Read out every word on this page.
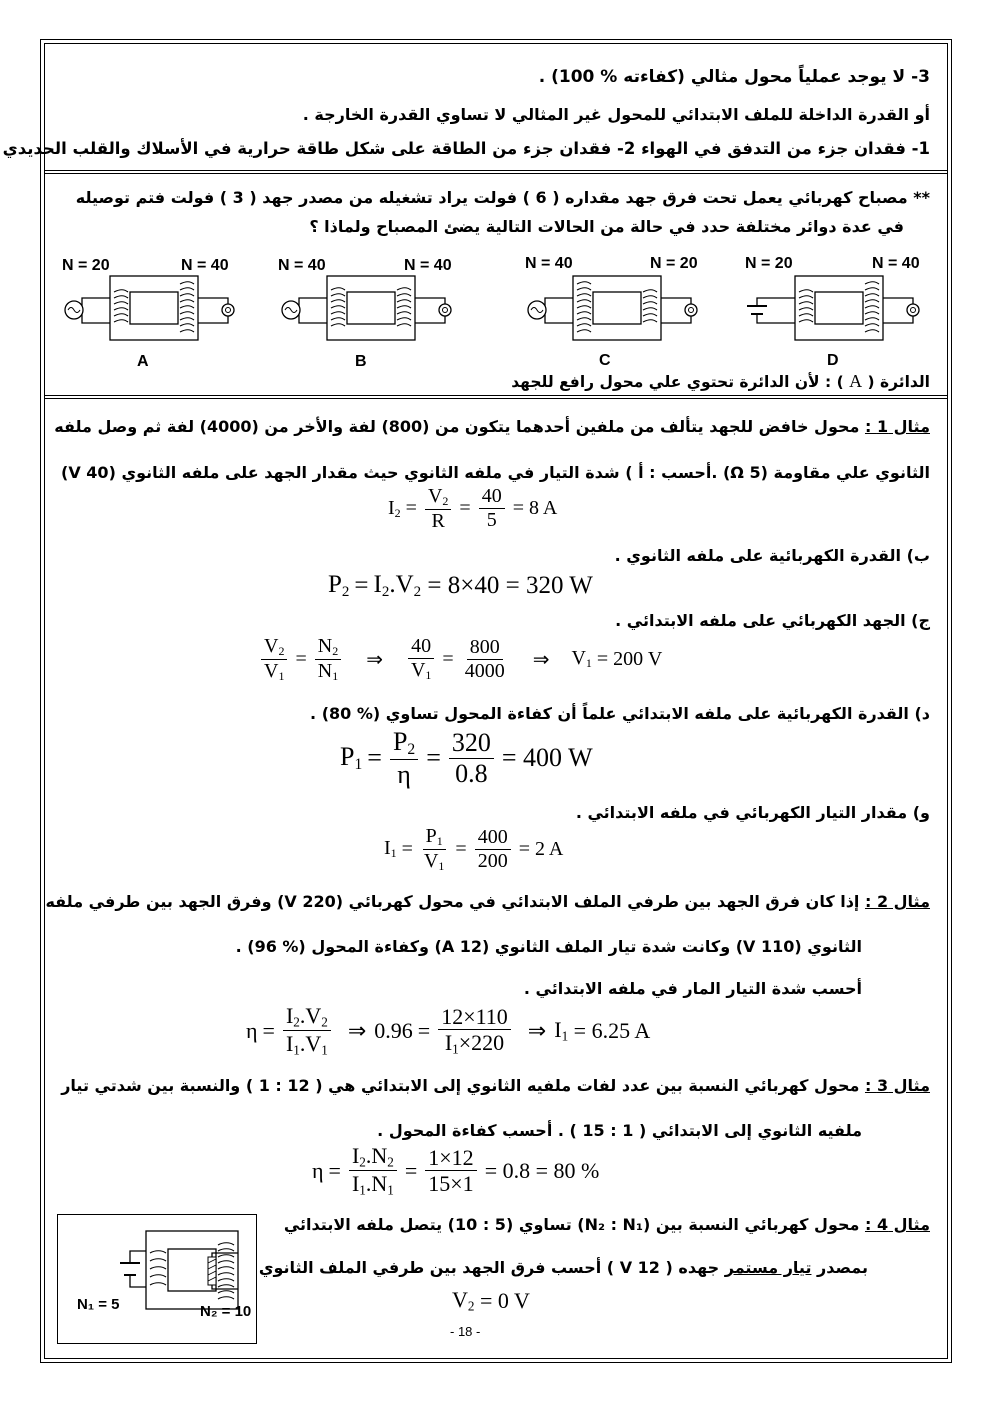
3- لا يوجد عملياً محول مثالي (كفاءته % 100) .
أو القدرة الداخلة للملف الابتدائي للمحول غير المثالي لا تساوي القدرة الخارجة .
1- فقدان جزء من التدفق في الهواء 2- فقدان جزء من الطاقة على شكل طاقة حرارية في الأسلاك والقلب الحديدي
** مصباح كهربائي يعمل تحت فرق جهد مقداره ( 6 ) فولت يراد تشغيله من مصدر جهد ( 3 ) فولت فتم توصيله
في عدة دوائر مختلفة حدد في حالة من الحالات التالية يضئ المصباح ولماذا ؟
N = 20	N = 40
A
N = 40	N = 40
B
N = 40	N = 20
C
N = 20	N = 40
D
الدائرة ( A ) : لأن الدائرة تحتوي علي محول رافع للجهد
مثال 1 : محول خافض للجهد يتألف من ملفين أحدهما يتكون من (800) لفة والأخر من (4000) لفة ثم وصل ملفه
الثانوي علي مقاومة (Ω 5) .أحسب : أ ) شدة التيار في ملفه الثانوي حيث مقدار الجهد على ملفه الثانوي (V 40)
$I_2 = \frac{V_2}{R} = \frac{40}{5} = 8$ A
ب) القدرة الكهربائية على ملفه الثانوي .
$P_2 = I_2.V_2$
= 8×40 = 320 W
ج) الجهد الكهربائي على ملفه الابتدائي .
$\frac{V_2}{V_1} = \frac{N_2}{N_1}$ ⇒ $\frac{40}{V_1} = \frac{800}{4000}$ ⇒ $V_1$
= 200 V
د) القدرة الكهربائية على ملفه الابتدائي علماً أن كفاءة المحول تساوي (% 80) .
$P_1 = \frac{P_2}{\eta} = \frac{320}{0.8} = 400$ W
و) مقدار التيار الكهربائي في ملفه الابتدائي .
$I_1 = \frac{P_1}{V_1} = \frac{400}{200} = 2$ A
مثال 2 : إذا كان فرق الجهد بين طرفي الملف الابتدائي في محول كهربائي (V 220) وفرق الجهد بين طرفي ملفه
الثانوي (V 110) وكانت شدة تيار الملف الثانوي (A 12) وكفاءة المحول (% 96) .
أحسب شدة التيار المار في ملفه الابتدائي .
$\eta = \frac{I_2.V_2}{I_1.V_1}$ ⇒ $0.96 = \frac{12\times 110}{I_1\times 220}$ ⇒ $I_1$
= 6.25 A
مثال 3 : محول كهربائي النسبة بين عدد لفات ملفيه الثانوي إلى الابتدائي هي ( 12 : 1 ) والنسبة بين شدتي تيار
ملفيه الثانوي إلى الابتدائي ( 1 : 15 ) . أحسب كفاءة المحول .
$\eta = \frac{I_2.N_2}{I_1.N_1} = \frac{1\times 12}{15\times 1} = 0.8 = 80$ %
مثال 4 : محول كهربائي النسبة بين (N₂ : N₁) تساوي (5 : 10) يتصل ملفه الابتدائي
بمصدر تيار مستمر جهده ( 12 V ) أحسب فرق الجهد بين طرفي الملف الثانوي
$V_2$
= 0 V
N₁ = 5	N₂ = 10
- 18 -
